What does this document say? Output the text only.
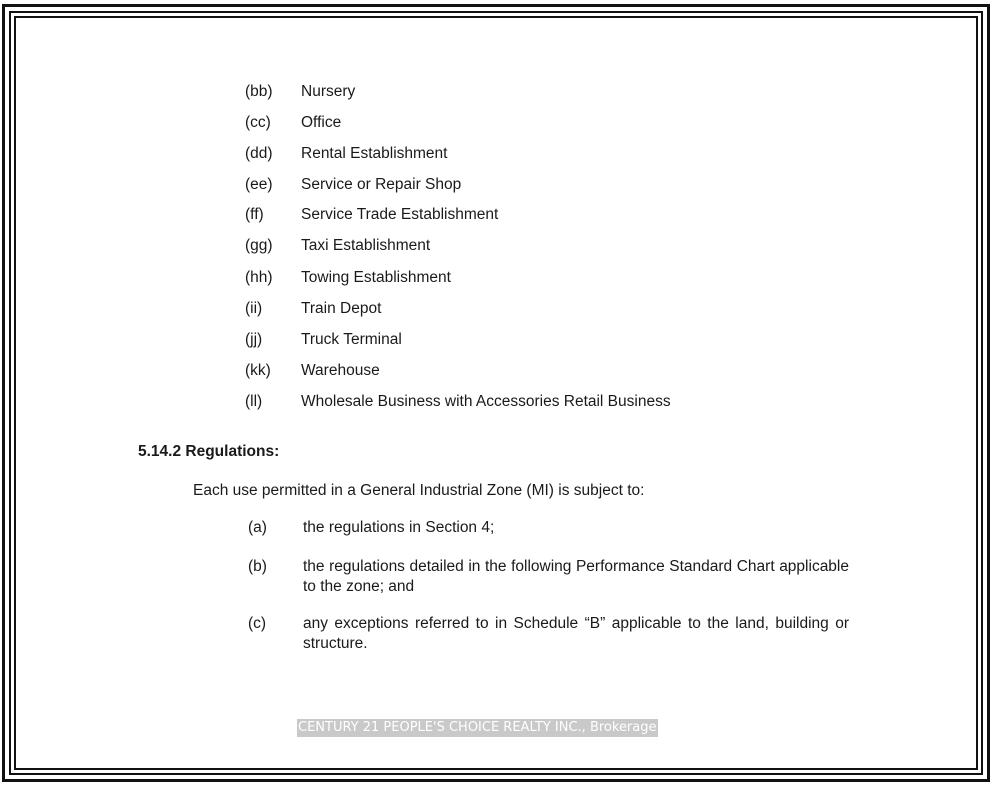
(bb) Nursery
(cc) Office
(dd) Rental Establishment
(ee) Service or Repair Shop
(ff) Service Trade Establishment
(gg) Taxi Establishment
(hh) Towing Establishment
(ii)	Train Depot
(jj)	Truck Terminal
(kk) Warehouse
(ll)	Wholesale Business with Accessories Retail Business
5.14.2 Regulations:
Each use permitted in a General Industrial Zone (MI) is subject to:
(a) the regulations in Section 4;
(b) the regulations detailed in the following Performance Standard Chart applicable to the zone; and
(c) any exceptions referred to in Schedule “B” applicable to the land, building or structure.
CENTURY 21 PEOPLE'S CHOICE REALTY INC., Brokerage
